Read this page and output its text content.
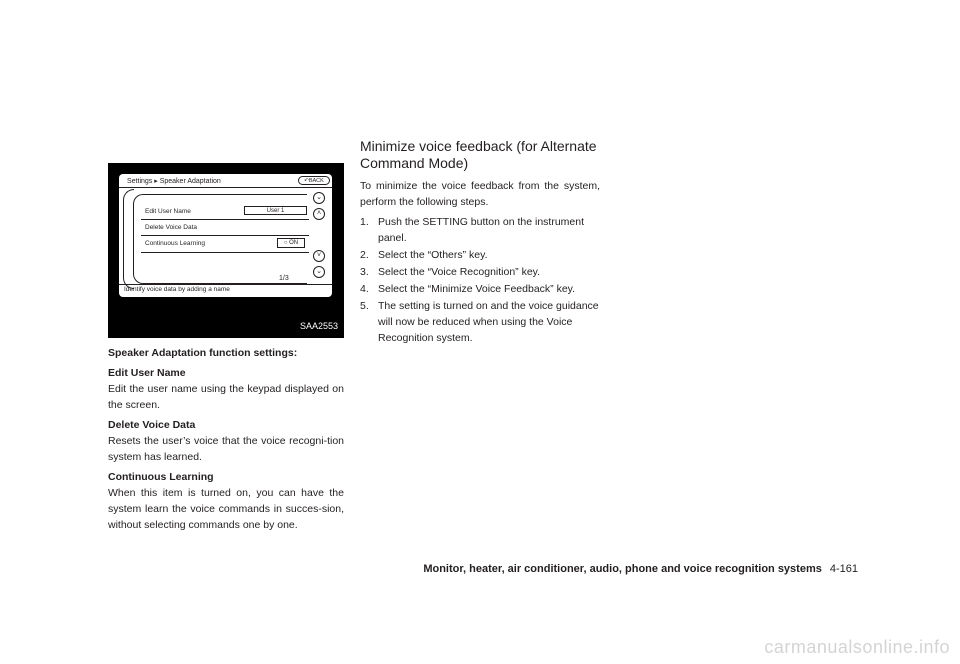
Settings ▸ Speaker Adaptation	↶BACK
Edit User Name	User 1
Delete Voice Data
Continuous Learning	○ ON
1/3
Identify voice data by adding a name
⌄
˄
˅
⌄
SAA2553

Speaker Adaptation function settings:

Edit User Name

Edit the user name using the keypad displayed on the screen.

Delete Voice Data

Resets the user’s voice that the voice recogni-tion system has learned.

Continuous Learning

When this item is turned on, you can have the system learn the voice commands in succes-sion, without selecting commands one by one.

Minimize voice feedback (for Alternate Command Mode)

To minimize the voice feedback from the system, perform the following steps.

1. Push the SETTING button on the instrument panel.
2. Select the “Others” key.
3. Select the “Voice Recognition” key.
4. Select the “Minimize Voice Feedback” key.
5. The setting is turned on and the voice guidance will now be reduced when using the Voice Recognition system.
Monitor, heater, air conditioner, audio, phone and voice recognition systems 4-161
carmanualsonline.info
